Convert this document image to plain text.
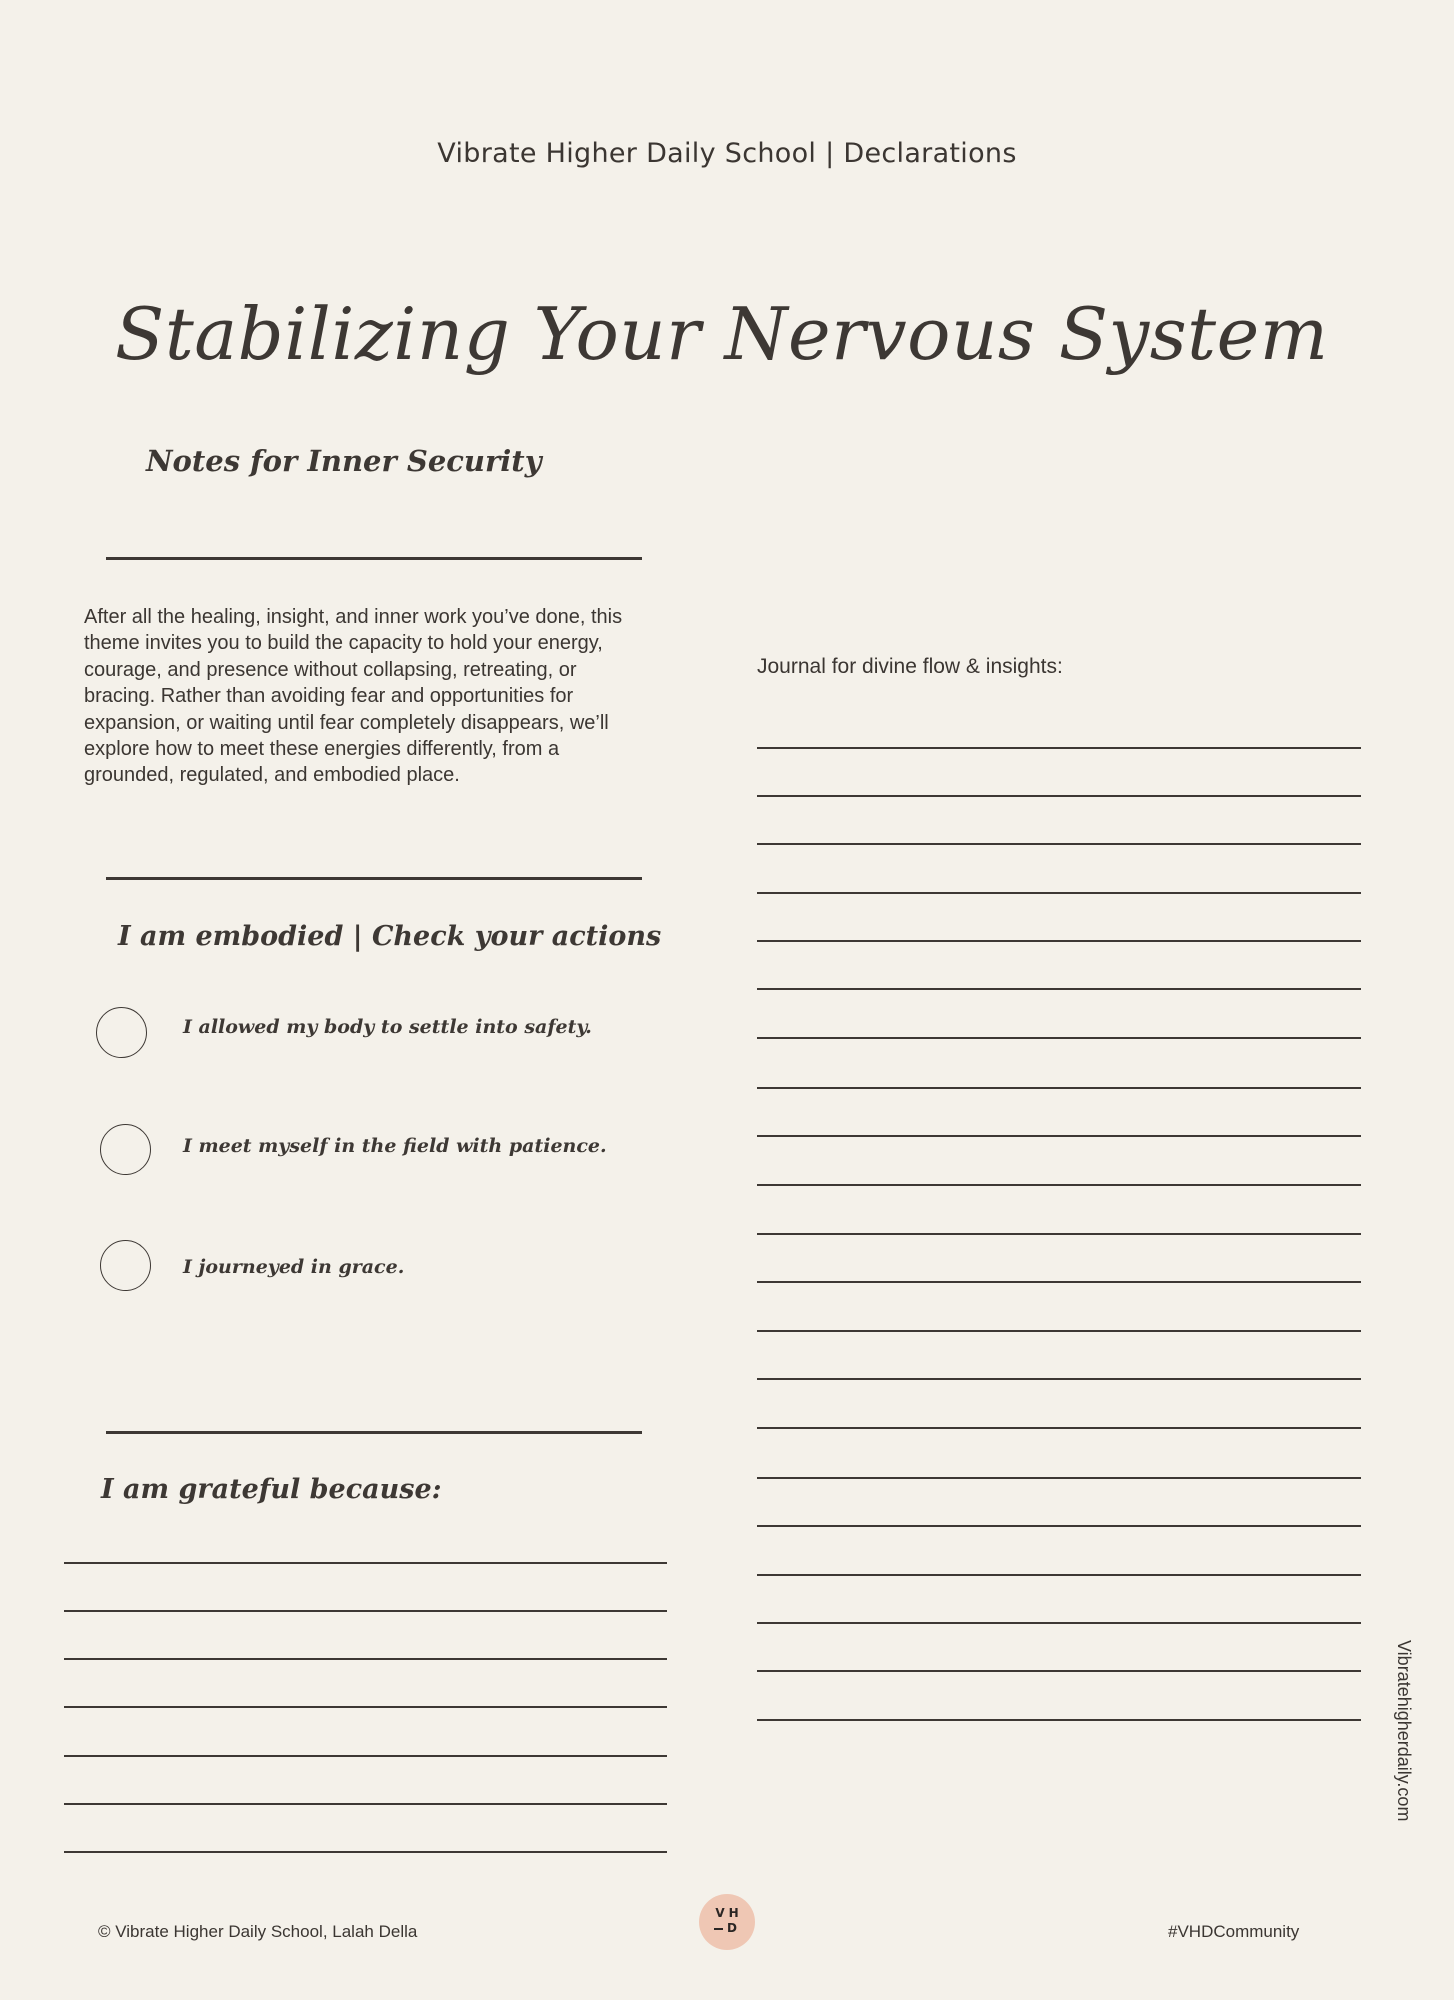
Vibrate Higher Daily School | Declarations
Stabilizing Your Nervous System
Notes for Inner Security
After all the healing, insight, and inner work you’ve done, this theme invites you to build the capacity to hold your energy, courage, and presence without collapsing, retreating, or bracing. Rather than avoiding fear and opportunities for expansion, or waiting until fear completely disappears, we’ll explore how to meet these energies differently, from a grounded, regulated, and embodied place.
I am embodied | Check your actions
I allowed my body to settle into safety.
I meet myself in the field with patience.
I journeyed in grace.
I am grateful because:
Journal for divine flow & insights:
Vibratehigherdaily.com
© Vibrate Higher Daily School, Lalah Della
VH
D	#VHDCommunity
